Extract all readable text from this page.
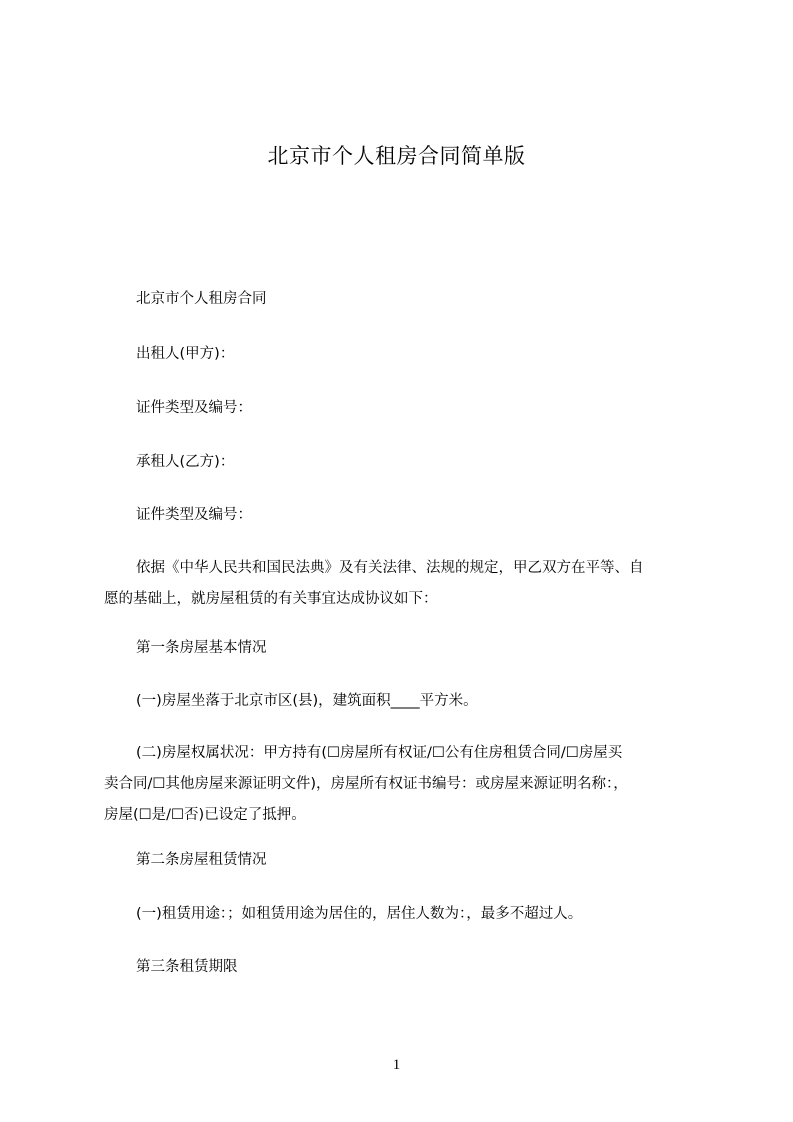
北京市个人租房合同简单版
北京市个人租房合同
出租人(甲方)：
证件类型及编号：
承租人(乙方)：
证件类型及编号：

依据《中华人民共和国民法典》及有关法律、法规的规定，甲乙双方在平等、自

愿的基础上，就房屋租赁的有关事宜达成协议如下：

第一条房屋基本情况
(一)房屋坐落于北京市区(县)，建筑面积____平方米。

(二)房屋权属状况：甲方持有(☐房屋所有权证/☐公有住房租赁合同/☐房屋买

卖合同/☐其他房屋来源证明文件)，房屋所有权证书编号：或房屋来源证明名称：，

房屋(☐是/☐否)已设定了抵押。

第二条房屋租赁情况
(一)租赁用途：；如租赁用途为居住的，居住人数为：，最多不超过人。
第三条租赁期限
1
